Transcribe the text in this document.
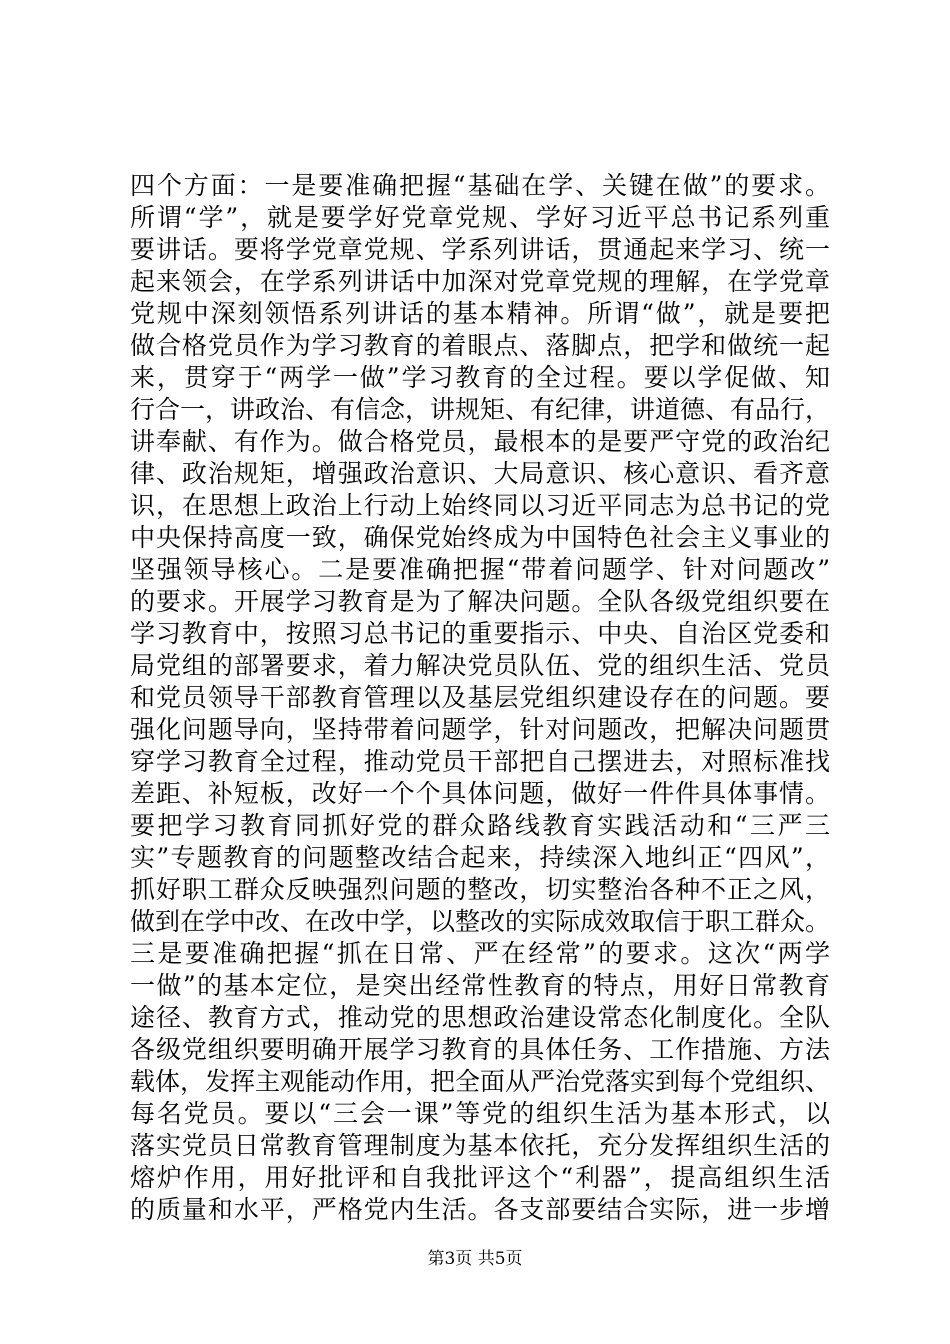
四个方面：一是要准确把握“基础在学、关键在做”的要求。
所谓“学”，就是要学好党章党规、学好习近平总书记系列重
要讲话。要将学党章党规、学系列讲话，贯通起来学习、统一
起来领会，在学系列讲话中加深对党章党规的理解，在学党章
党规中深刻领悟系列讲话的基本精神。所谓“做”，就是要把
做合格党员作为学习教育的着眼点、落脚点，把学和做统一起
来，贯穿于“两学一做”学习教育的全过程。要以学促做、知
行合一，讲政治、有信念，讲规矩、有纪律，讲道德、有品行，
讲奉献、有作为。做合格党员，最根本的是要严守党的政治纪
律、政治规矩，增强政治意识、大局意识、核心意识、看齐意
识，在思想上政治上行动上始终同以习近平同志为总书记的党
中央保持高度一致，确保党始终成为中国特色社会主义事业的
坚强领导核心。二是要准确把握“带着问题学、针对问题改”
的要求。开展学习教育是为了解决问题。全队各级党组织要在
学习教育中，按照习总书记的重要指示、中央、自治区党委和
局党组的部署要求，着力解决党员队伍、党的组织生活、党员
和党员领导干部教育管理以及基层党组织建设存在的问题。要
强化问题导向，坚持带着问题学，针对问题改，把解决问题贯
穿学习教育全过程，推动党员干部把自己摆进去，对照标准找
差距、补短板，改好一个个具体问题，做好一件件具体事情。
要把学习教育同抓好党的群众路线教育实践活动和“三严三
实”专题教育的问题整改结合起来，持续深入地纠正“四风”，
抓好职工群众反映强烈问题的整改，切实整治各种不正之风，
做到在学中改、在改中学，以整改的实际成效取信于职工群众。
三是要准确把握“抓在日常、严在经常”的要求。这次“两学
一做”的基本定位，是突出经常性教育的特点，用好日常教育
途径、教育方式，推动党的思想政治建设常态化制度化。全队
各级党组织要明确开展学习教育的具体任务、工作措施、方法
载体，发挥主观能动作用，把全面从严治党落实到每个党组织、
每名党员。要以“三会一课”等党的组织生活为基本形式，以
落实党员日常教育管理制度为基本依托，充分发挥组织生活的
熔炉作用，用好批评和自我批评这个“利器”，提高组织生活
的质量和水平，严格党内生活。各支部要结合实际，进一步增
第3页 共5页
